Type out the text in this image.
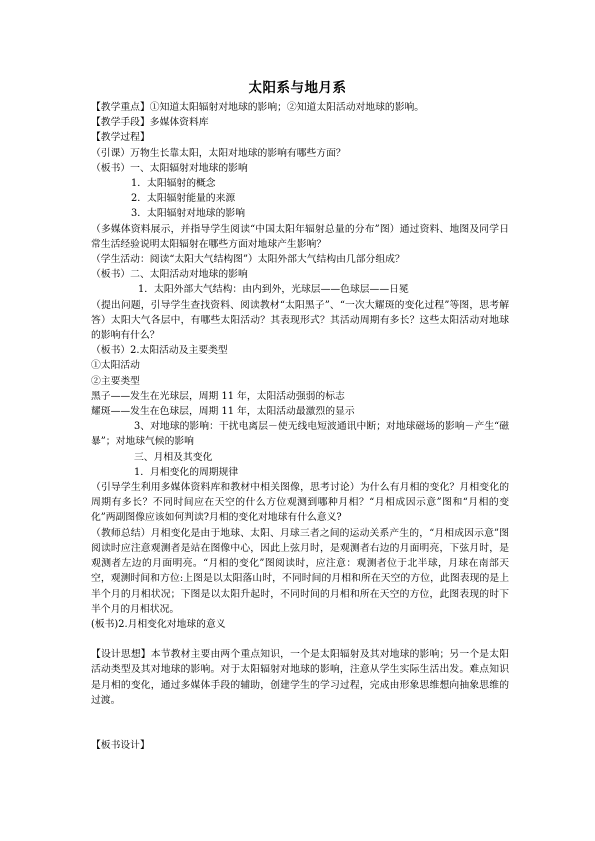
太阳系与地月系
【教学重点】①知道太阳辐射对地球的影响；②知道太阳活动对地球的影响。
【教学手段】多媒体资料库
【教学过程】
（引课）万物生长靠太阳，太阳对地球的影响有哪些方面？
（板书）一、太阳辐射对地球的影响
1．太阳辐射的概念
2．太阳辐射能量的来源
3．太阳辐射对地球的影响
（多媒体资料展示，并指导学生阅读“中国太阳年辐射总量的分布”图）通过资料、地图及同学日常生活经验说明太阳辐射在哪些方面对地球产生影响？
（学生活动：阅读“太阳大气结构图”）太阳外部大气结构由几部分组成？
（板书）二、太阳活动对地球的影响
1．太阳外部大气结构：由内到外，光球层——色球层——日冕
（提出问题，引导学生查找资料、阅读教材“太阳黑子”、“一次大耀斑的变化过程”等图，思考解答）太阳大气各层中，有哪些太阳活动？其表现形式？其活动周期有多长？这些太阳活动对地球的影响有什么？
（板书）2.太阳活动及主要类型
①太阳活动
②主要类型
黑子——发生在光球层，周期 11 年，太阳活动强弱的标志
耀斑——发生在色球层，周期 11 年，太阳活动最激烈的显示
3、对地球的影响：干扰电离层－使无线电短波通讯中断；对地球磁场的影响－产生“磁暴”；对地球气候的影响
三、月相及其变化
1．月相变化的周期规律
（引导学生利用多媒体资料库和教材中相关图像，思考讨论）为什么有月相的变化？月相变化的周期有多长？不同时间应在天空的什么方位观测到哪种月相？“月相成因示意”图和“月相的变化”两副图像应该如何判读?月相的变化对地球有什么意义?
（教师总结）月相变化是由于地球、太阳、月球三者之间的运动关系产生的，“月相成因示意”图阅读时应注意观测者是站在图像中心，因此上弦月时，是观测者右边的月面明亮，下弦月时，是观测者左边的月面明亮。“月相的变化”图阅读时，应注意：观测者位于北半球，月球在南部天空，观测时间和方位:上图是以太阳落山时，不同时间的月相和所在天空的方位，此图表现的是上半个月的月相状况；下图是以太阳升起时，不同时间的月相和所在天空的方位，此图表现的时下半个月的月相状况。
(板书)2.月相变化对地球的意义
【设计思想】本节教材主要由两个重点知识，一个是太阳辐射及其对地球的影响；另一个是太阳活动类型及其对地球的影响。对于太阳辐射对地球的影响，注意从学生实际生活出发。难点知识是月相的变化，通过多媒体手段的辅助，创建学生的学习过程，完成由形象思维想向抽象思维的过渡。
【板书设计】
